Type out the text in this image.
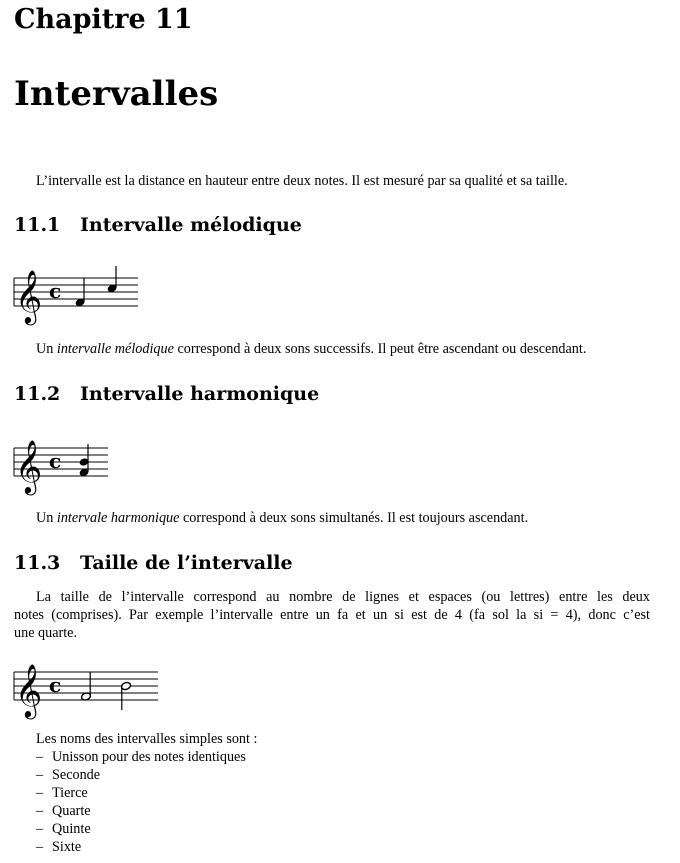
Chapitre 11
Intervalles
L’intervalle est la distance en hauteur entre deux notes. Il est mesuré par sa qualité et sa taille.
11.1 Intervalle mélodique
𝄞 c
Un intervalle mélodique correspond à deux sons successifs. Il peut être ascendant ou descendant.
11.2 Intervalle harmonique
𝄞 c
Un intervale harmonique correspond à deux sons simultanés. Il est toujours ascendant.
11.3 Taille de l’intervalle
La taille de l’intervalle correspond au nombre de lignes et espaces (ou lettres) entre les deux
notes (comprises). Par exemple l’intervalle entre un fa et un si est de 4 (fa sol la si = 4), donc c’est
une quarte.
𝄞 c
Les noms des intervalles simples sont :
– Unisson pour des notes identiques
– Seconde
– Tierce
– Quarte
– Quinte
– Sixte
